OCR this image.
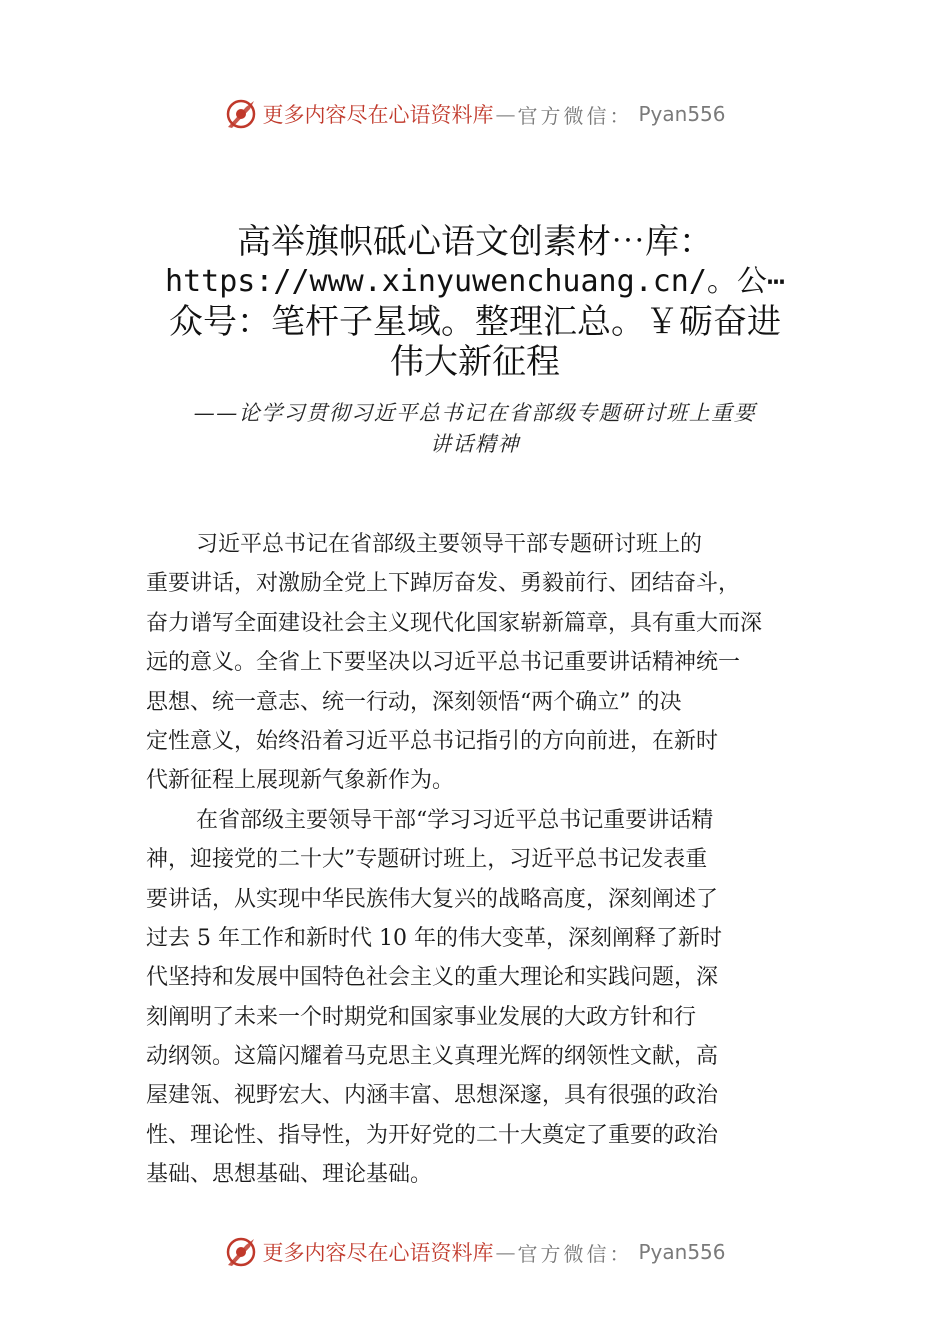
更多内容尽在心语资料库 — 官方微信： Pyan556
高举旗帜砥心语文创素材⋯库：
https://www.xinyuwenchuang.cn/。公⋯
众号：笔杆子星域。整理汇总。￥砺奋进
伟大新征程
——论学习贯彻习近平总书记在省部级专题研讨班上重要
讲话精神
习近平总书记在省部级主要领导干部专题研讨班上的
重要讲话，对激励全党上下踔厉奋发、勇毅前行、团结奋斗，
奋力谱写全面建设社会主义现代化国家崭新篇章，具有重大而深
远的意义。全省上下要坚决以习近平总书记重要讲话精神统一
思想、统一意志、统一行动，深刻领悟“两个确立” 的决
定性意义，始终沿着习近平总书记指引的方向前进，在新时
代新征程上展现新气象新作为。
在省部级主要领导干部“学习习近平总书记重要讲话精
神，迎接党的二十大”专题研讨班上，习近平总书记发表重
要讲话，从实现中华民族伟大复兴的战略高度，深刻阐述了
过去 5 年工作和新时代 10 年的伟大变革，深刻阐释了新时
代坚持和发展中国特色社会主义的重大理论和实践问题，深
刻阐明了未来一个时期党和国家事业发展的大政方针和行
动纲领。这篇闪耀着马克思主义真理光辉的纲领性文献，高
屋建瓴、视野宏大、内涵丰富、思想深邃，具有很强的政治
性、理论性、指导性，为开好党的二十大奠定了重要的政治
基础、思想基础、理论基础。
更多内容尽在心语资料库 — 官方微信： Pyan556
